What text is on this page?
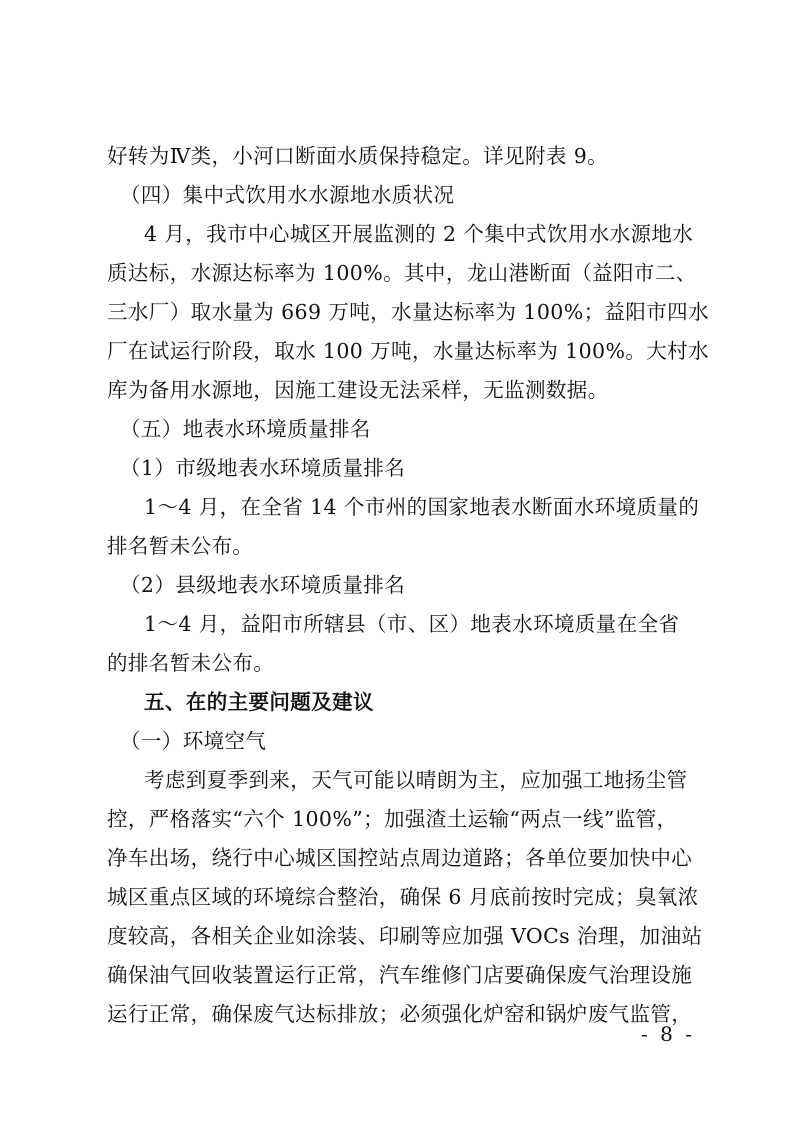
好转为Ⅳ类，小河口断面水质保持稳定。详见附表 9。
（四）集中式饮用水水源地水质状况
4 月，我市中心城区开展监测的 2 个集中式饮用水水源地水
质达标，水源达标率为 100%。其中，龙山港断面（益阳市二、
三水厂）取水量为 669 万吨，水量达标率为 100%；益阳市四水
厂在试运行阶段，取水 100 万吨，水量达标率为 100%。大村水
库为备用水源地，因施工建设无法采样，无监测数据。
（五）地表水环境质量排名
（1）市级地表水环境质量排名
1～4 月，在全省 14 个市州的国家地表水断面水环境质量的
排名暂未公布。
（2）县级地表水环境质量排名
1～4 月，益阳市所辖县（市、区）地表水环境质量在全省
的排名暂未公布。
五、在的主要问题及建议
（一）环境空气
考虑到夏季到来，天气可能以晴朗为主，应加强工地扬尘管
控，严格落实“六个 100%”；加强渣土运输“两点一线”监管，
净车出场，绕行中心城区国控站点周边道路；各单位要加快中心
城区重点区域的环境综合整治，确保 6 月底前按时完成；臭氧浓
度较高，各相关企业如涂装、印刷等应加强 VOCs 治理，加油站
确保油气回收装置运行正常，汽车维修门店要确保废气治理设施
运行正常，确保废气达标排放；必须强化炉窑和锅炉废气监管，
- 8 -
